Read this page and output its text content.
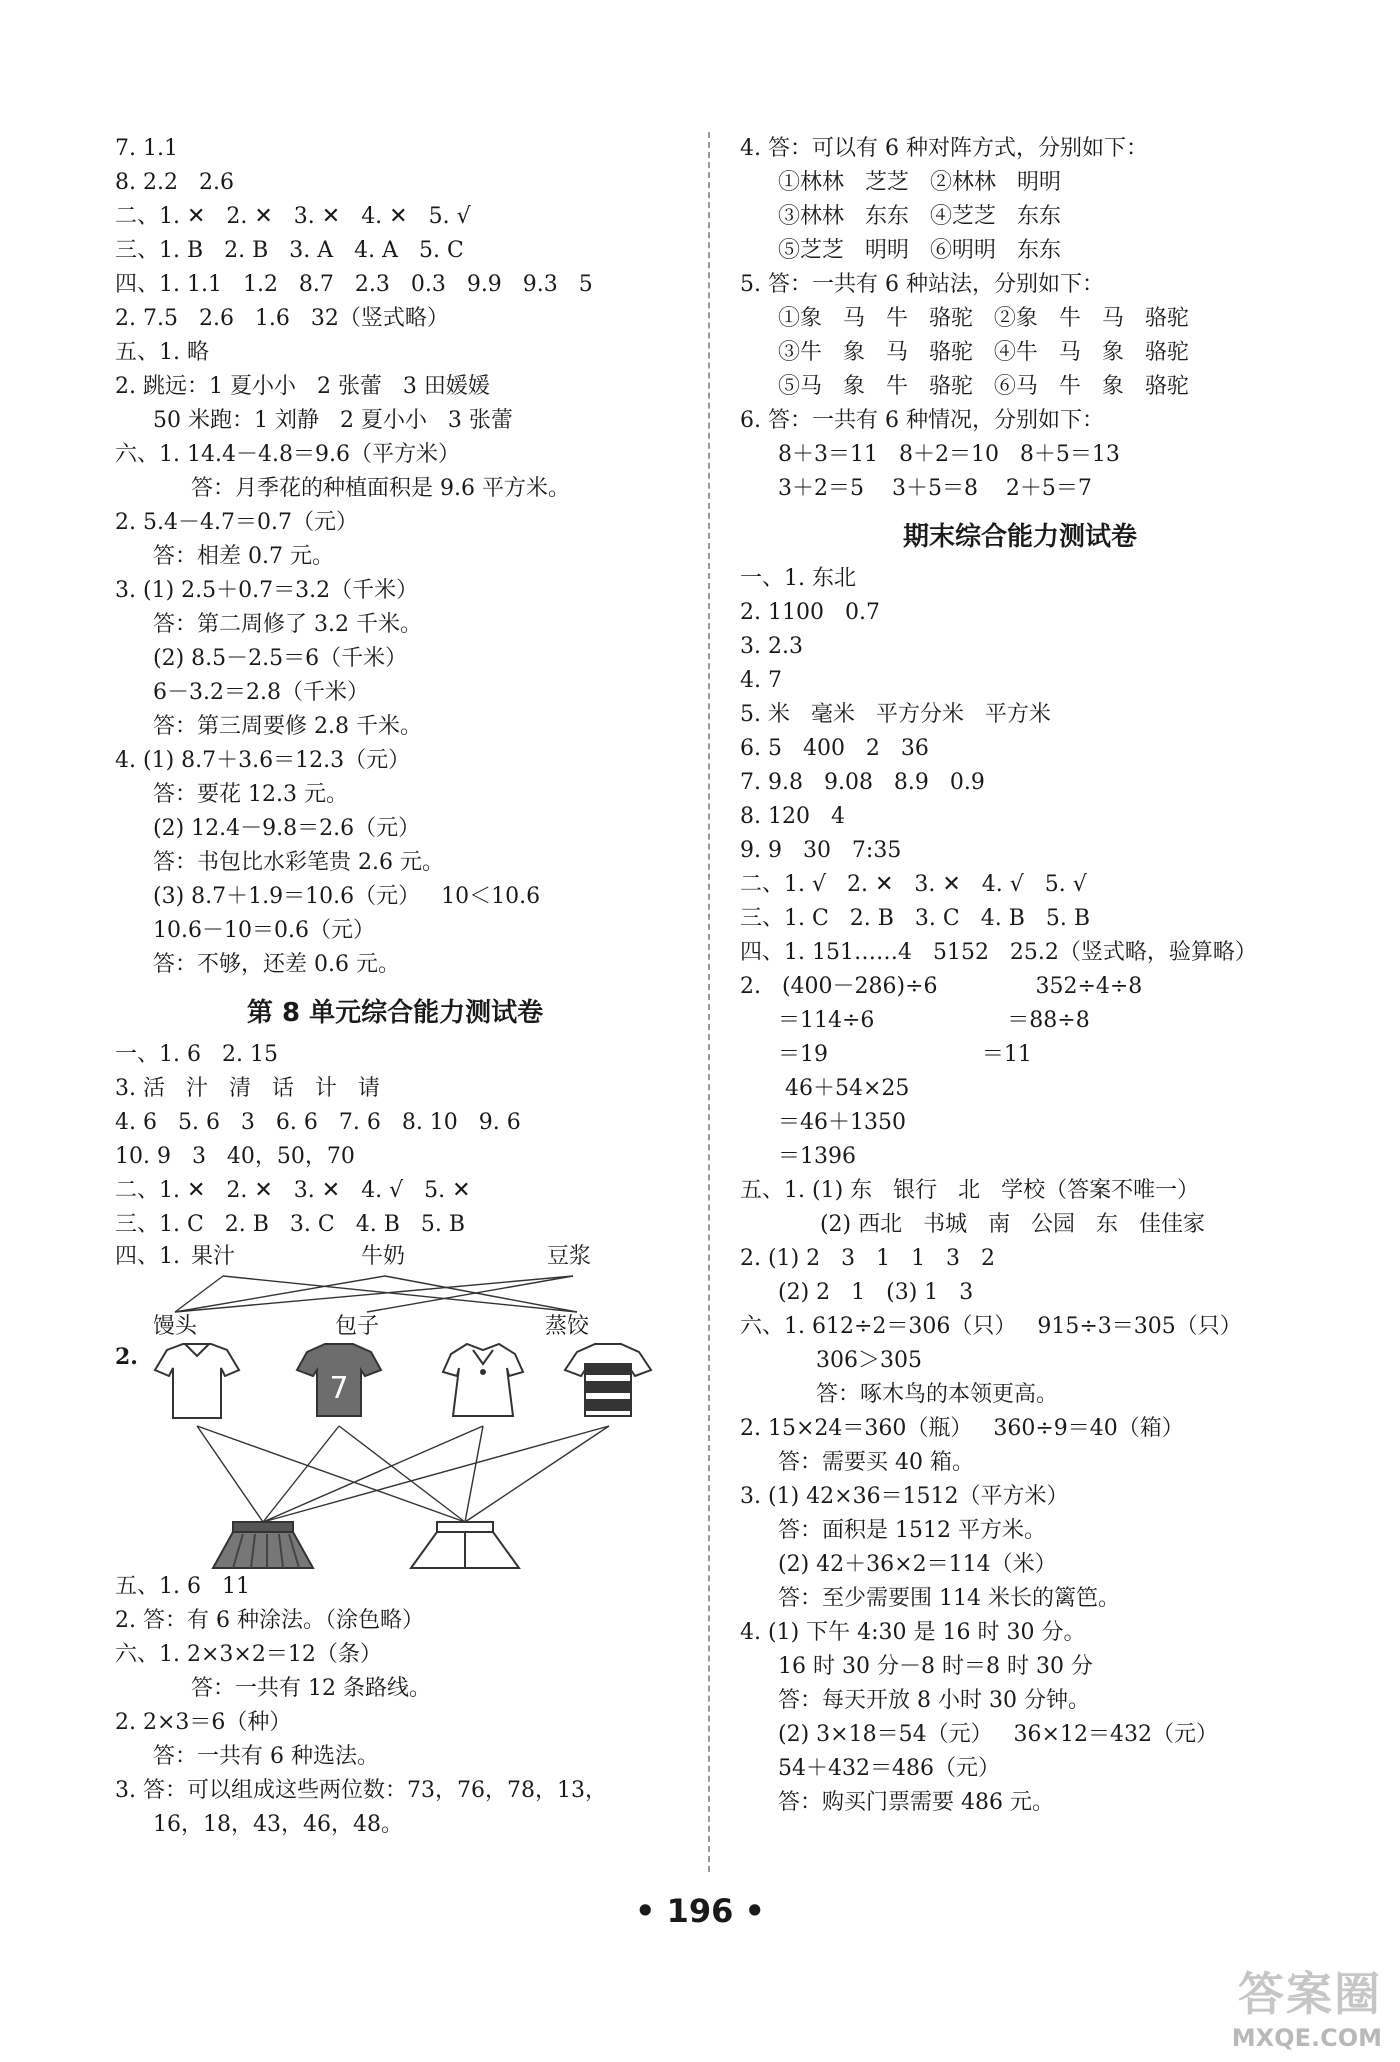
7. 1.1
8. 2.2   2.6
二、1. ✕   2. ✕   3. ✕   4. ✕   5. √
三、1. B   2. B   3. A   4. A   5. C
四、1. 1.1   1.2   8.7   2.3   0.3   9.9   9.3   5
2. 7.5   2.6   1.6   32（竖式略）
五、1. 略
2. 跳远：1 夏小小   2 张蕾   3 田媛媛
50 米跑：1 刘静   2 夏小小   3 张蕾
六、1. 14.4－4.8＝9.6（平方米）
答：月季花的种植面积是 9.6 平方米。
2. 5.4－4.7＝0.7（元）
答：相差 0.7 元。
3. (1) 2.5＋0.7＝3.2（千米）
答：第二周修了 3.2 千米。
(2) 8.5－2.5＝6（千米）
6－3.2＝2.8（千米）
答：第三周要修 2.8 千米。
4. (1) 8.7＋3.6＝12.3（元）
答：要花 12.3 元。
(2) 12.4－9.8＝2.6（元）
答：书包比水彩笔贵 2.6 元。
(3) 8.7＋1.9＝10.6（元）   10＜10.6
10.6－10＝0.6（元）
答：不够，还差 0.6 元。
第 8 单元综合能力测试卷
一、1. 6   2. 15
3. 活   汁   清   话   计   请
4. 6   5. 6   3   6. 6   7. 6   8. 10   9. 6
10. 9   3   40，50，70
二、1. ✕   2. ✕   3. ✕   4. √   5. ✕
三、1. C   2. B   3. C   4. B   5. B
四、1. 果汁	牛奶	豆浆
馒头	包子	蒸饺
2.
7
五、1. 6   11
2. 答：有 6 种涂法。（涂色略）
六、1. 2×3×2＝12（条）
答：一共有 12 条路线。
2. 2×3＝6（种）
答：一共有 6 种选法。
3. 答：可以组成这些两位数：73，76，78，13，
16，18，43，46，48。
4. 答：可以有 6 种对阵方式，分别如下：
①林林   芝芝   ②林林   明明
③林林   东东   ④芝芝   东东
⑤芝芝   明明   ⑥明明   东东
5. 答：一共有 6 种站法，分别如下：
①象   马   牛   骆驼   ②象   牛   马   骆驼
③牛   象   马   骆驼   ④牛   马   象   骆驼
⑤马   象   牛   骆驼   ⑥马   牛   象   骆驼
6. 答：一共有 6 种情况，分别如下：
8＋3＝11   8＋2＝10   8＋5＝13
3＋2＝5    3＋5＝8    2＋5＝7
期末综合能力测试卷
一、1. 东北
2. 1100   0.7
3. 2.3
4. 7
5. 米   毫米   平方分米   平方米
6. 5   400   2   36
7. 9.8   9.08   8.9   0.9
8. 120   4
9. 9   30   7:35
二、1. √   2. ✕   3. ✕   4. √   5. √
三、1. C   2. B   3. C   4. B   5. B
四、1. 151……4   5152   25.2（竖式略，验算略）
2.   (400－286)÷6              352÷4÷8
＝114÷6                   ＝88÷8
＝19                      ＝11
46＋54×25
＝46＋1350
＝1396
五、1. (1) 东   银行   北   学校（答案不唯一）
(2) 西北   书城   南   公园   东   佳佳家
2. (1) 2   3   1   1   3   2
(2) 2   1   (3) 1   3
六、1. 612÷2＝306（只）   915÷3＝305（只）
306＞305
答：啄木鸟的本领更高。
2. 15×24＝360（瓶）   360÷9＝40（箱）
答：需要买 40 箱。
3. (1) 42×36＝1512（平方米）
答：面积是 1512 平方米。
(2) 42＋36×2＝114（米）
答：至少需要围 114 米长的篱笆。
4. (1) 下午 4:30 是 16 时 30 分。
16 时 30 分－8 时＝8 时 30 分
答：每天开放 8 小时 30 分钟。
(2) 3×18＝54（元）   36×12＝432（元）
54＋432＝486（元）
答：购买门票需要 486 元。
• 196 •
答案圈
MXQE.COM
